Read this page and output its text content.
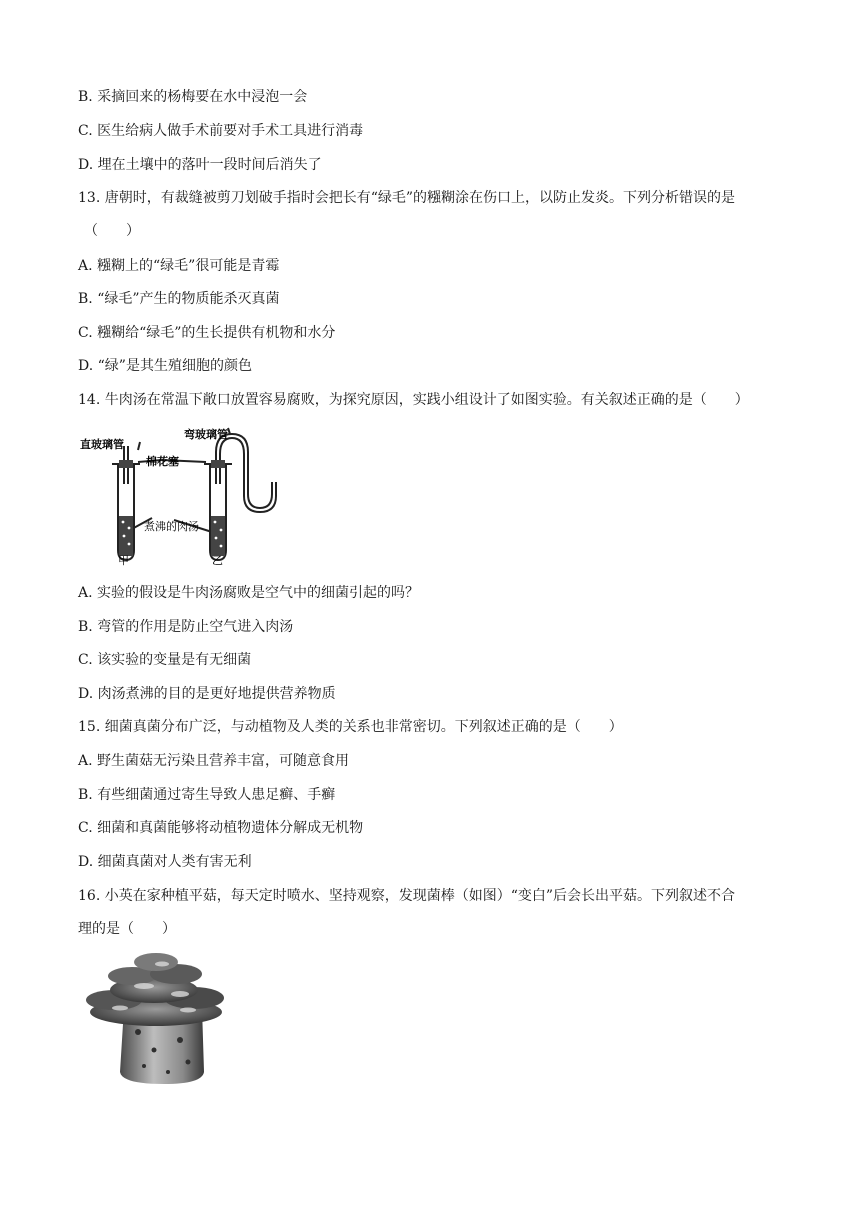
B. 采摘回来的杨梅要在水中浸泡一会
C. 医生给病人做手术前要对手术工具进行消毒
D. 埋在土壤中的落叶一段时间后消失了
13. 唐朝时，有裁缝被剪刀划破手指时会把长有“绿毛”的糨糊涂在伤口上，以防止发炎。下列分析错误的是
（　　）
A. 糨糊上的“绿毛”很可能是青霉
B. “绿毛”产生的物质能杀灭真菌
C. 糨糊给“绿毛”的生长提供有机物和水分
D. “绿”是其生殖细胞的颜色
14. 牛肉汤在常温下敞口放置容易腐败，为探究原因，实践小组设计了如图实验。有关叙述正确的是（　　）
直玻璃管
弯玻璃管
棉花塞
煮沸的肉汤
甲	乙
A. 实验的假设是牛肉汤腐败是空气中的细菌引起的吗？
B. 弯管的作用是防止空气进入肉汤
C. 该实验的变量是有无细菌
D. 肉汤煮沸的目的是更好地提供营养物质
15. 细菌真菌分布广泛，与动植物及人类的关系也非常密切。下列叙述正确的是（　　）
A. 野生菌菇无污染且营养丰富，可随意食用
B. 有些细菌通过寄生导致人患足癣、手癣
C. 细菌和真菌能够将动植物遗体分解成无机物
D. 细菌真菌对人类有害无利
16. 小英在家种植平菇，每天定时喷水、坚持观察，发现菌棒（如图）“变白”后会长出平菇。下列叙述不合
理的是（　　）
